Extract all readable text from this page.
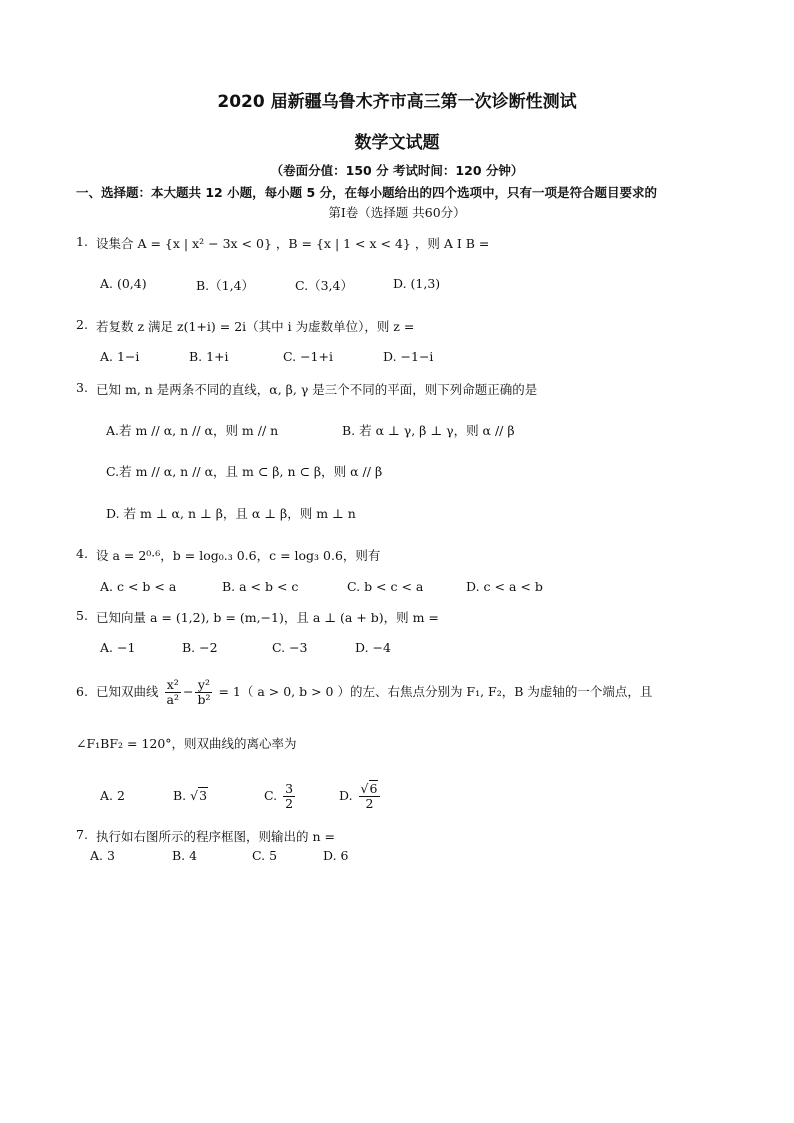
2020 届新疆乌鲁木齐市高三第一次诊断性测试
数学文试题
（卷面分值：150 分 考试时间：120 分钟）
一、选择题：本大题共 12 小题，每小题 5 分，在每小题给出的四个选项中，只有一项是符合题目要求的
第Ⅰ卷（选择题 共60分）
1. 设集合 A = {x | x² − 3x < 0} ，B = {x | 1 < x < 4} ，则 A I B =
A. (0,4)	B.（1,4）	C.（3,4）	D. (1,3)
2. 若复数 z 满足 z(1+i) = 2i（其中 i 为虚数单位），则 z =
A. 1−i	B. 1+i	C. −1+i	D. −1−i
3. 已知 m, n 是两条不同的直线，α, β, γ 是三个不同的平面，则下列命题正确的是
A.若 m // α, n // α，则 m // n	B. 若 α ⊥ γ, β ⊥ γ，则 α // β
C.若 m // α, n // α，且 m ⊂ β, n ⊂ β，则 α // β
D. 若 m ⊥ α, n ⊥ β，且 α ⊥ β，则 m ⊥ n
4. 设 a = 2⁰·⁶，b = log₀.₃ 0.6，c = log₃ 0.6，则有
A. c < b < a	B. a < b < c	C. b < c < a	D. c < a < b
5. 已知向量 a = (1,2), b = (m,−1)，且 a ⊥ (a + b)，则 m =
A. −1	B. −2	C. −3	D. −4
6. 已知双曲线 $\frac{\text{x²}}{\text{a²}} - \frac{\text{y²}}{\text{b²}} = 1$（ a > 0, b > 0 ）的左、右焦点分别为 F₁, F₂，B 为虚轴的一个端点，且
∠F₁BF₂ = 120°，则双曲线的离心率为
A. 2	B. √3	C. $\frac{3}{2}$	D. $\frac{√6}{2}$
7. 执行如右图所示的程序框图，则输出的 n =
A. 3	B. 4	C. 5	D. 6
